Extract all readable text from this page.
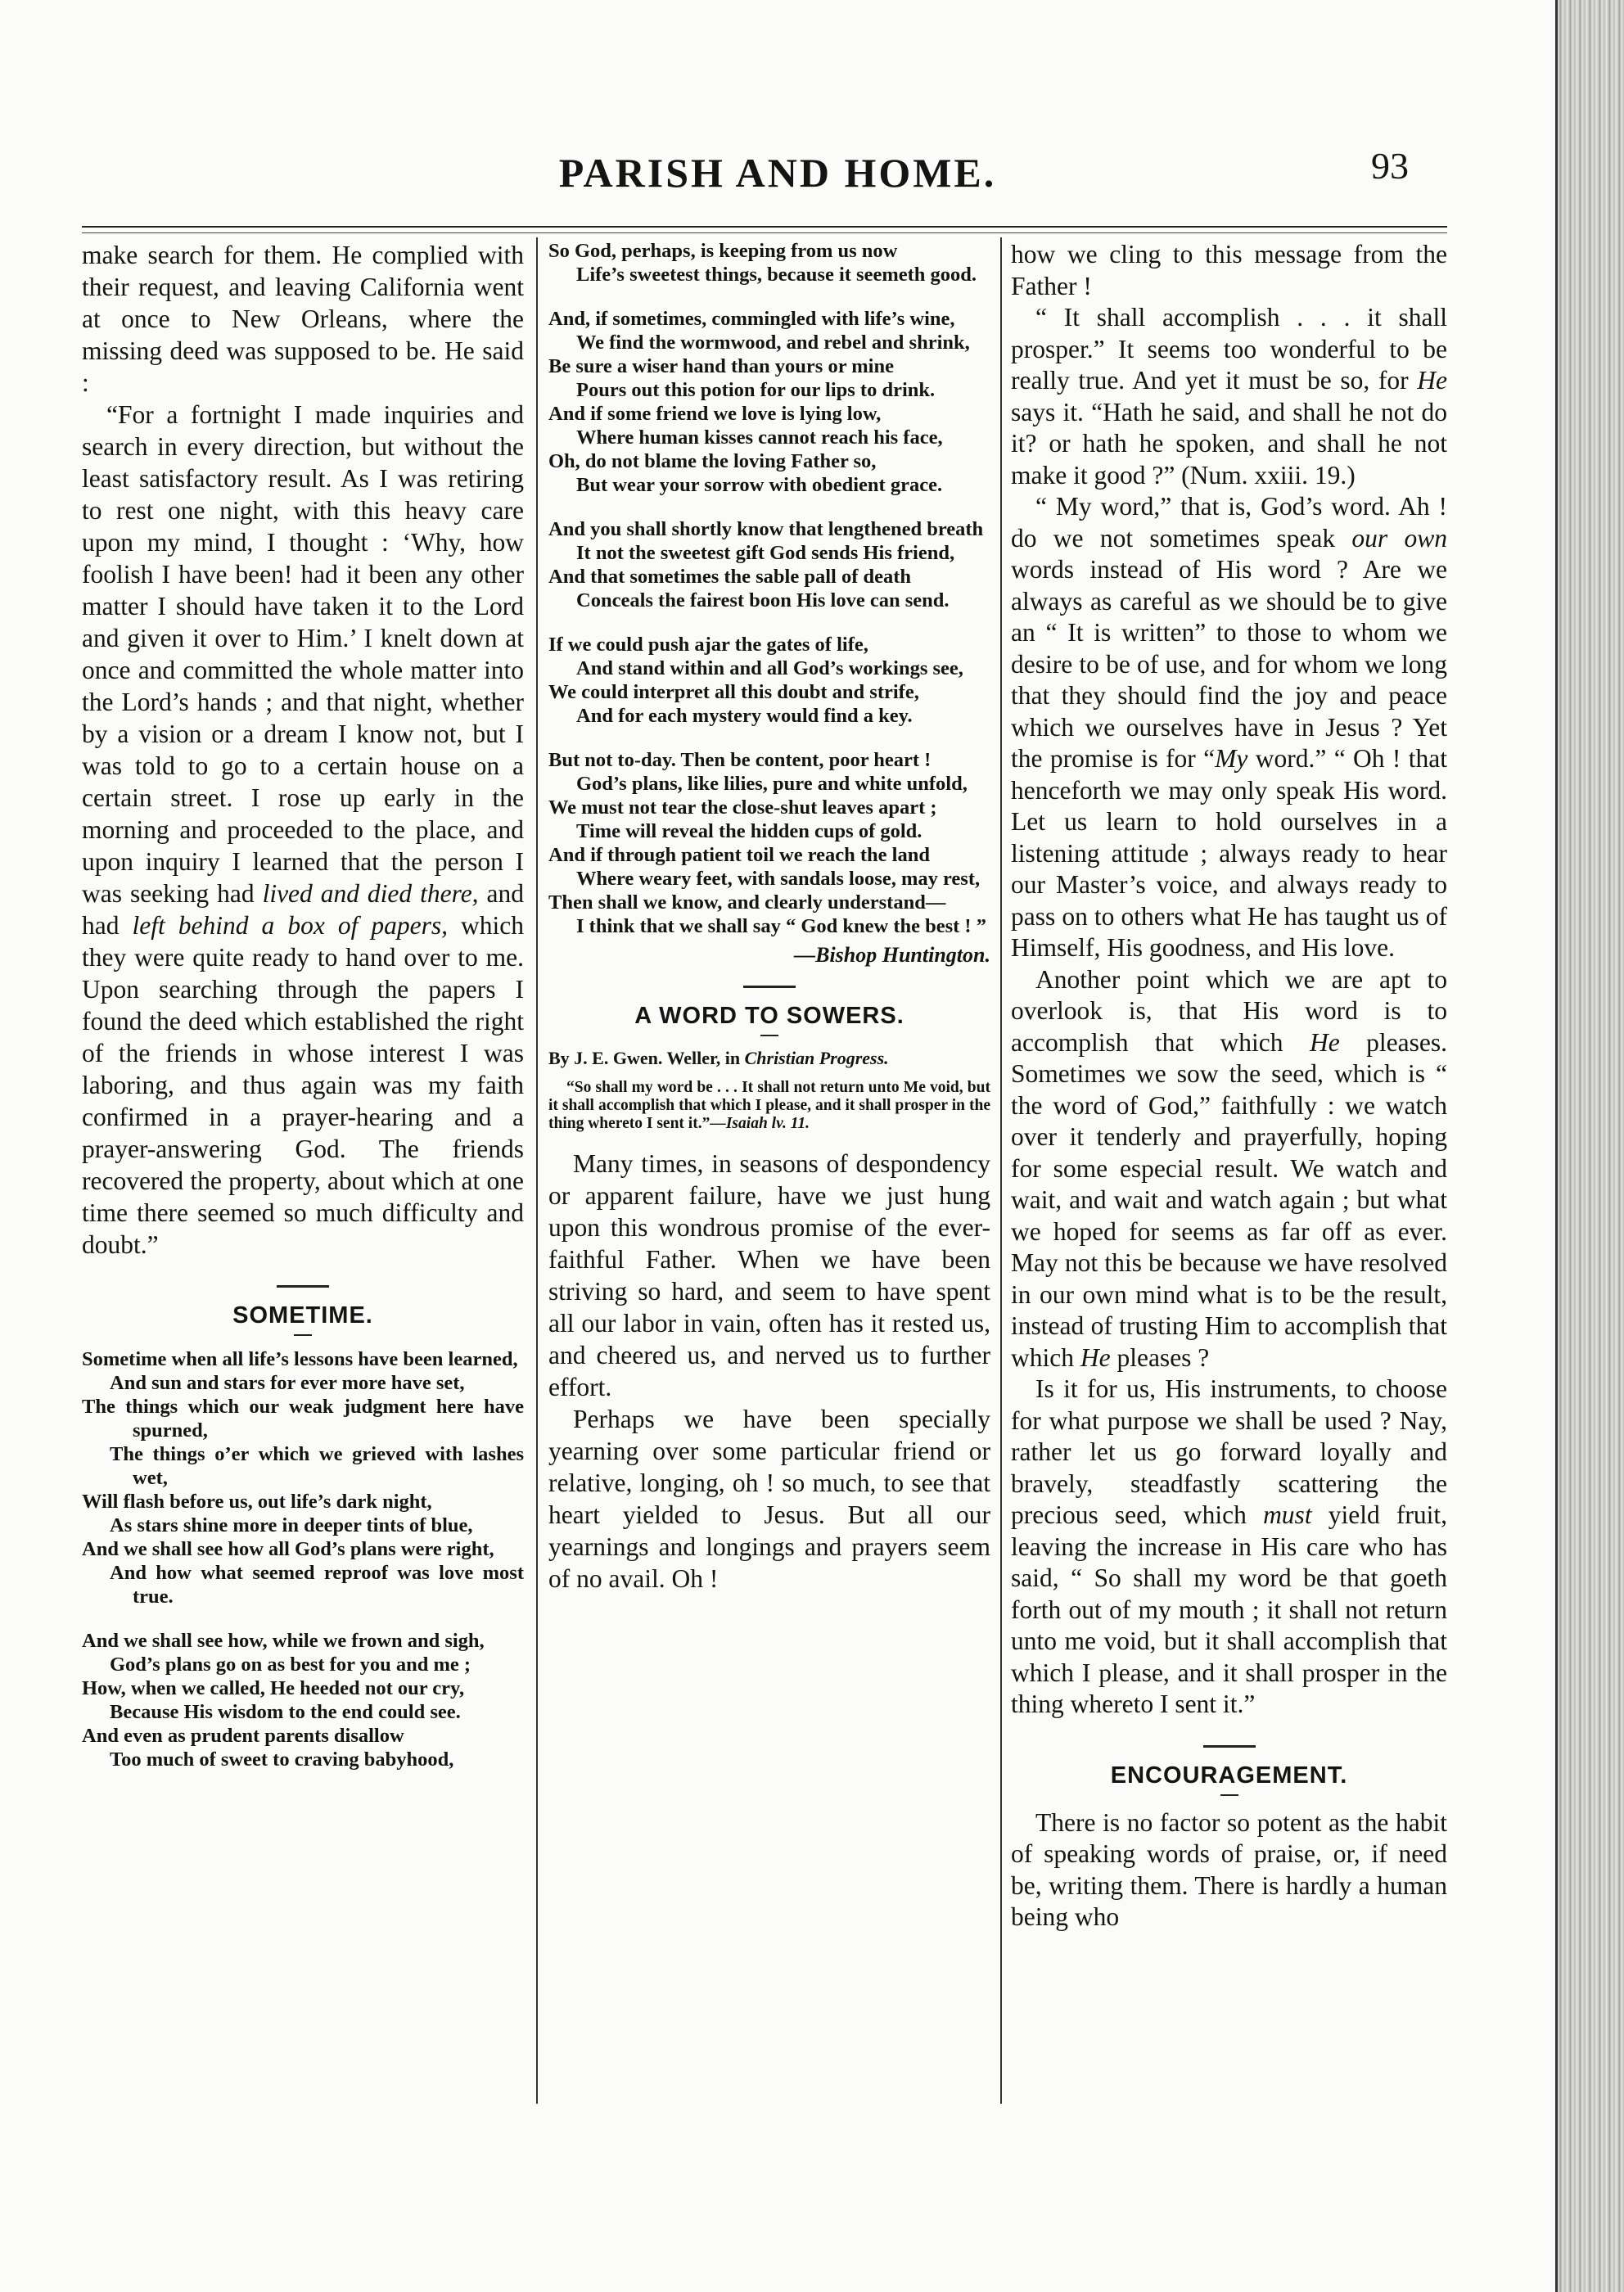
PARISH AND HOME.	93

make search for them. He complied with their request, and leaving California went at once to New Orleans, where the missing deed was supposed to be. He said :

“For a fortnight I made inquiries and search in every direction, but without the least satisfactory result. As I was retiring to rest one night, with this heavy care upon my mind, I thought : ‘Why, how foolish I have been! had it been any other matter I should have taken it to the Lord and given it over to Him.’ I knelt down at once and committed the whole matter into the Lord’s hands ; and that night, whether by a vision or a dream I know not, but I was told to go to a certain house on a certain street. I rose up early in the morning and proceeded to the place, and upon inquiry I learned that the person I was seeking had lived and died there, and had left behind a box of papers, which they were quite ready to hand over to me. Upon searching through the papers I found the deed which established the right of the friends in whose interest I was laboring, and thus again was my faith confirmed in a prayer-hearing and a prayer-answering God. The friends recovered the property, about which at one time there seemed so much difficulty and doubt.”

SOMETIME.

Sometime when all life’s lessons have been learned,

And sun and stars for ever more have set,

The things which our weak judgment here have spurned,

The things o’er which we grieved with lashes wet,

Will flash before us, out life’s dark night,

As stars shine more in deeper tints of blue,

And we shall see how all God’s plans were right,

And how what seemed reproof was love most true.

And we shall see how, while we frown and sigh,

God’s plans go on as best for you and me ;

How, when we called, He heeded not our cry,

Because His wisdom to the end could see.

And even as prudent parents disallow

Too much of sweet to craving babyhood,

So God, perhaps, is keeping from us now

Life’s sweetest things, because it seemeth good.

And, if sometimes, commingled with life’s wine,

We find the wormwood, and rebel and shrink,

Be sure a wiser hand than yours or mine

Pours out this potion for our lips to drink.

And if some friend we love is lying low,

Where human kisses cannot reach his face,

Oh, do not blame the loving Father so,

But wear your sorrow with obedient grace.

And you shall shortly know that lengthened breath

It not the sweetest gift God sends His friend,

And that sometimes the sable pall of death

Conceals the fairest boon His love can send.

If we could push ajar the gates of life,

And stand within and all God’s workings see,

We could interpret all this doubt and strife,

And for each mystery would find a key.

But not to-day. Then be content, poor heart !

God’s plans, like lilies, pure and white unfold,

We must not tear the close-shut leaves apart ;

Time will reveal the hidden cups of gold.

And if through patient toil we reach the land

Where weary feet, with sandals loose, may rest,

Then shall we know, and clearly understand—

I think that we shall say “ God knew the best ! ”

—Bishop Huntington.

A WORD TO SOWERS.

By J. E. Gwen. Weller, in Christian Progress.

“So shall my word be . . . It shall not return unto Me void, but it shall accomplish that which I please, and it shall prosper in the thing whereto I sent it.”—Isaiah lv. 11.

Many times, in seasons of despondency or apparent failure, have we just hung upon this wondrous promise of the ever-faithful Father. When we have been striving so hard, and seem to have spent all our labor in vain, often has it rested us, and cheered us, and nerved us to further effort.

Perhaps we have been specially yearning over some particular friend or relative, longing, oh ! so much, to see that heart yielded to Jesus. But all our yearnings and longings and prayers seem of no avail. Oh !

how we cling to this message from the Father !

“ It shall accomplish . . . it shall prosper.” It seems too wonderful to be really true. And yet it must be so, for He says it. “Hath he said, and shall he not do it? or hath he spoken, and shall he not make it good ?” (Num. xxiii. 19.)

“ My word,” that is, God’s word. Ah ! do we not sometimes speak our own words instead of His word ? Are we always as careful as we should be to give an “ It is written” to those to whom we desire to be of use, and for whom we long that they should find the joy and peace which we ourselves have in Jesus ? Yet the promise is for “My word.” “ Oh ! that henceforth we may only speak His word. Let us learn to hold ourselves in a listening attitude ; always ready to hear our Master’s voice, and always ready to pass on to others what He has taught us of Himself, His goodness, and His love.

Another point which we are apt to overlook is, that His word is to accomplish that which He pleases. Sometimes we sow the seed, which is “ the word of God,” faithfully : we watch over it tenderly and prayerfully, hoping for some especial result. We watch and wait, and wait and watch again ; but what we hoped for seems as far off as ever. May not this be because we have resolved in our own mind what is to be the result, instead of trusting Him to accomplish that which He pleases ?

Is it for us, His instruments, to choose for what purpose we shall be used ? Nay, rather let us go forward loyally and bravely, steadfastly scattering the precious seed, which must yield fruit, leaving the increase in His care who has said, “ So shall my word be that goeth forth out of my mouth ; it shall not return unto me void, but it shall accomplish that which I please, and it shall prosper in the thing whereto I sent it.”

ENCOURAGEMENT.

There is no factor so potent as the habit of speaking words of praise, or, if need be, writing them. There is hardly a human being who
